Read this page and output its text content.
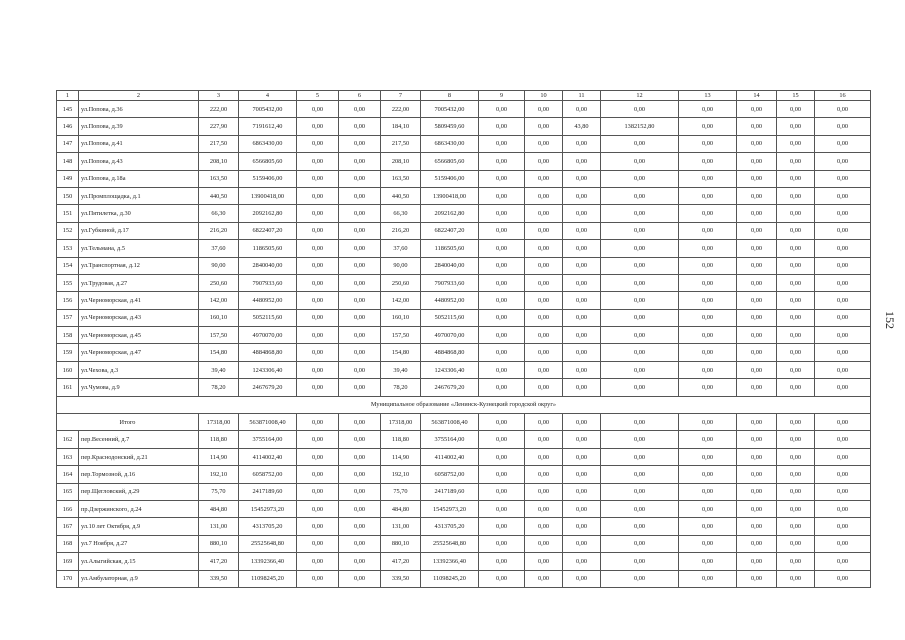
1	2	3	4	5	6	7	8	9	10	11	12	13	14	15	16
145	ул.Попова, д.36	222,00	7005432,00	0,00	0,00	222,00	7005432,00	0,00	0,00	0,00	0,00	0,00	0,00	0,00	0,00
146	ул.Попова, д.39	227,90	7191612,40	0,00	0,00	184,10	5809459,60	0,00	0,00	43,80	1382152,80	0,00	0,00	0,00	0,00
147	ул.Попова, д.41	217,50	6863430,00	0,00	0,00	217,50	6863430,00	0,00	0,00	0,00	0,00	0,00	0,00	0,00	0,00
148	ул.Попова, д.43	208,10	6566805,60	0,00	0,00	208,10	6566805,60	0,00	0,00	0,00	0,00	0,00	0,00	0,00	0,00
149	ул.Попова, д.18а	163,50	5159406,00	0,00	0,00	163,50	5159406,00	0,00	0,00	0,00	0,00	0,00	0,00	0,00	0,00
150	ул.Промплощадка, д.1	440,50	13900418,00	0,00	0,00	440,50	13900418,00	0,00	0,00	0,00	0,00	0,00	0,00	0,00	0,00
151	ул.Пятилетка, д.30	66,30	2092162,80	0,00	0,00	66,30	2092162,80	0,00	0,00	0,00	0,00	0,00	0,00	0,00	0,00
152	ул.Губкиной, д.17	216,20	6822407,20	0,00	0,00	216,20	6822407,20	0,00	0,00	0,00	0,00	0,00	0,00	0,00	0,00
153	ул.Тельмана, д.5	37,60	1186505,60	0,00	0,00	37,60	1186505,60	0,00	0,00	0,00	0,00	0,00	0,00	0,00	0,00
154	ул.Транспортная, д.12	90,00	2840040,00	0,00	0,00	90,00	2840040,00	0,00	0,00	0,00	0,00	0,00	0,00	0,00	0,00
155	ул.Трудовая, д.27	250,60	7907933,60	0,00	0,00	250,60	7907933,60	0,00	0,00	0,00	0,00	0,00	0,00	0,00	0,00
156	ул.Черноморская, д.41	142,00	4480952,00	0,00	0,00	142,00	4480952,00	0,00	0,00	0,00	0,00	0,00	0,00	0,00	0,00
157	ул.Черноморская, д.43	160,10	5052115,60	0,00	0,00	160,10	5052115,60	0,00	0,00	0,00	0,00	0,00	0,00	0,00	0,00
158	ул.Черноморская, д.45	157,50	4970070,00	0,00	0,00	157,50	4970070,00	0,00	0,00	0,00	0,00	0,00	0,00	0,00	0,00
159	ул.Черноморская, д.47	154,80	4884868,80	0,00	0,00	154,80	4884868,80	0,00	0,00	0,00	0,00	0,00	0,00	0,00	0,00
160	ул.Чехова, д.3	39,40	1243306,40	0,00	0,00	39,40	1243306,40	0,00	0,00	0,00	0,00	0,00	0,00	0,00	0,00
161	ул.Чумова, д.9	78,20	2467679,20	0,00	0,00	78,20	2467679,20	0,00	0,00	0,00	0,00	0,00	0,00	0,00	0,00
Муниципальное образование «Ленинск-Кузнецкий городской округ»															
Итого		17318,00	563871008,40	0,00	0,00	17318,00	563871008,40	0,00	0,00	0,00	0,00	0,00	0,00	0,00	0,00
162	пер.Весенний, д.7	118,80	3755164,00	0,00	0,00	118,80	3755164,00	0,00	0,00	0,00	0,00	0,00	0,00	0,00	0,00
163	пер.Краснодонский, д.21	114,90	4114002,40	0,00	0,00	114,90	4114002,40	0,00	0,00	0,00	0,00	0,00	0,00	0,00	0,00
164	пер.Тормозной, д.16	192,10	6058752,00	0,00	0,00	192,10	6058752,00	0,00	0,00	0,00	0,00	0,00	0,00	0,00	0,00
165	пер.Щегловский, д.29	75,70	2417189,60	0,00	0,00	75,70	2417189,60	0,00	0,00	0,00	0,00	0,00	0,00	0,00	0,00
166	пр.Дзержинского, д.24	484,80	15452973,20	0,00	0,00	484,80	15452973,20	0,00	0,00	0,00	0,00	0,00	0,00	0,00	0,00
167	ул.10 лет Октября, д.9	131,00	4313705,20	0,00	0,00	131,00	4313705,20	0,00	0,00	0,00	0,00	0,00	0,00	0,00	0,00
168	ул.7 Ноября, д.27	880,10	25525648,80	0,00	0,00	880,10	25525648,80	0,00	0,00	0,00	0,00	0,00	0,00	0,00	0,00
169	ул.Алыгийская, д.15	417,20	13392366,40	0,00	0,00	417,20	13392366,40	0,00	0,00	0,00	0,00	0,00	0,00	0,00	0,00
170	ул.Амбулаторная, д.9	339,50	11098245,20	0,00	0,00	339,50	11098245,20	0,00	0,00	0,00	0,00	0,00	0,00	0,00	0,00
152
